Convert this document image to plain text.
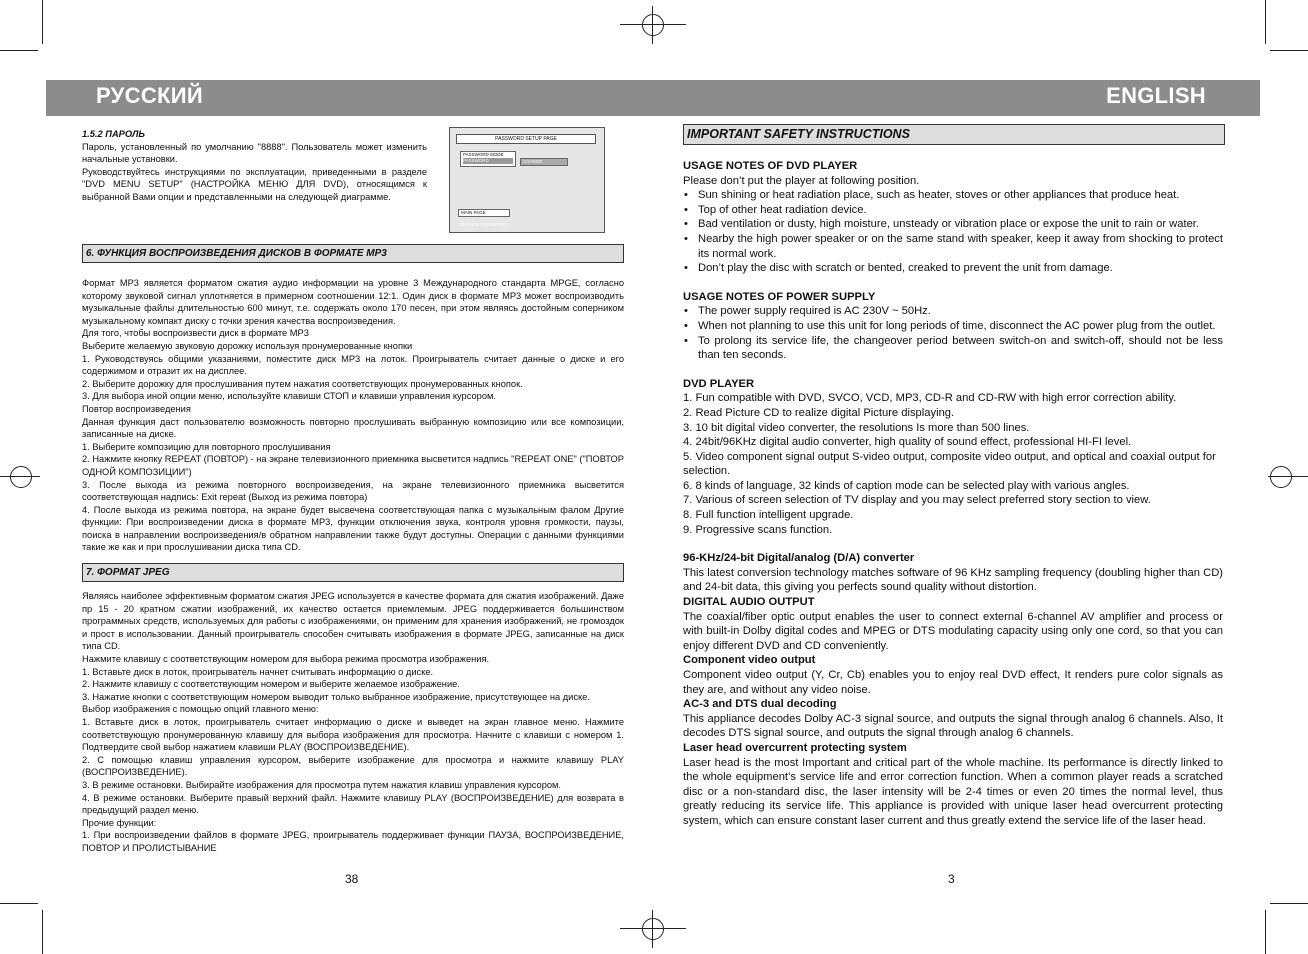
РУССКИЙ	ENGLISH

1.5.2 ПАРОЛЬ

Пароль, установленный по умолчанию "8888". Пользователь может изменить начальные установки.

Руководствуйтесь инструкциями по эксплуатации, приведенными в разделе "DVD MENU SETUP" (НАСТРОЙКА МЕНЮ ДЛЯ DVD), относящимся к выбранной Вами опции и представленными на следующей диаграмме.

PASSWORD SETUP PAGE
PASSWORD MODE
PASSWORD	CHANGE
MAIN PAGE
CHANGE PASSWORD
6. ФУНКЦИЯ ВОСПРОИЗВЕДЕНИЯ ДИСКОВ В ФОРМАТЕ MP3

Формат MP3 является форматом сжатия аудио информации на уровне 3 Международного стандарта MPGE, согласно которому звуковой сигнал уплотняется в примерном соотношении 12:1. Один диск в формате MP3 может воспроизводить музыкальные файлы длительностью 600 минут, т.е. содержать около 170 песен, при этом являясь достойным соперником музыкальному компакт диску с точки зрения качества воспроизведения.

Для того, чтобы воспроизвести диск в формате MP3

Выберите желаемую звуковую дорожку используя пронумерованные кнопки

1. Руководствуясь общими указаниями, поместите диск MP3 на лоток. Проигрыватель считает данные о диске и его содержимом и отразит их на дисплее.

2. Выберите дорожку для прослушивания путем нажатия соответствующих пронумерованных кнопок.

3. Для выбора иной опции меню, используйте клавиши СТОП и клавиши управления курсором.

Повтор воспроизведения

Данная функция даст пользователю возможность повторно прослушивать выбранную композицию или все композиции, записанные на диске.

1. Выберите композицию для повторного прослушивания

2. Нажмите кнопку REPEAT (ПОВТОР) - на экране телевизионного приемника высветится надпись "REPEAT ONE" ("ПОВТОР ОДНОЙ КОМПОЗИЦИИ")

3. После выхода из режима повторного воспроизведения, на экране телевизионного приемника высветится соответствующая надпись: Exit repeat (Выход из режима повтора)

4. После выхода из режима повтора, на экране будет высвечена соответствующая папка с музыкальным фалом Другие функции: При воспроизведении диска в формате MP3, функции отключения звука, контроля уровня громкости, паузы, поиска в направлении воспроизведения/в обратном направлении также будут доступны. Операции с данными функциями такие же как и при прослушивании диска типа CD.

7. ФОРМАТ JPEG

Являясь наиболее эффективным форматом сжатия JPEG используется в качестве формата для сжатия изображений. Даже пр 15 - 20 кратном сжатии изображений, их качество остается приемлемым. JPEG поддерживается большинством программных средств, используемых для работы с изображениями, он применим для хранения изображений, не громоздок и прост в использовании. Данный проигрыватель способен считывать изображения в формате JPEG, записанные на диск типа CD.

Нажмите клавишу с соответствующим номером для выбора режима просмотра изображения.

1. Вставьте диск в лоток, проигрыватель начнет считывать информацию о диске.

2. Нажмите клавишу с соответствующим номером и выберите желаемое изображение.

3. Нажатие кнопки с соответствующим номером выводит только выбранное изображение, присутствующее на диске.

Выбор изображения с помощью опций главного меню:

1. Вставьте диск в лоток, проигрыватель считает информацию о диске и выведет на экран главное меню. Нажмите соответствующую пронумерованную клавишу для выбора изображения для просмотра. Начните с клавиши с номером 1. Подтвердите свой выбор нажатием клавиши PLAY (ВОСПРОИЗВЕДЕНИЕ).

2. С помощью клавиш управления курсором, выберите изображение для просмотра и нажмите клавишу PLAY (ВОСПРОИЗВЕДЕНИЕ).

3. В режиме остановки. Выбирайте изображения для просмотра путем нажатия клавиш управления курсором.

4. В режиме остановки. Выберите правый верхний файл. Нажмите клавишу PLAY (ВОСПРОИЗВЕДЕНИЕ) для возврата в предыдущий раздел меню.

Прочие функции:

1. При воспроизведении файлов в формате JPEG, проигрыватель поддерживает функции ПАУЗА, ВОСПРОИЗВЕДЕНИЕ, ПОВТОР И ПРОЛИСТЫВАНИЕ

38
IMPORTANT SAFETY INSTRUCTIONS

USAGE NOTES OF DVD PLAYER

Please don’t put the player at following position.

• Sun shining or heat radiation place, such as heater, stoves or other appliances that produce heat.

• Top of other heat radiation device.

• Bad ventilation or dusty, high moisture, unsteady or vibration place or expose the unit to rain or water.

• Nearby the high power speaker or on the same stand with speaker, keep it away from shocking to protect its normal work.

• Don’t play the disc with scratch or bented, creaked to prevent the unit from damage.

USAGE NOTES OF POWER SUPPLY

• The power supply required is AC 230V ~ 50Hz.

• When not planning to use this unit for long periods of time, disconnect the AC power plug from the outlet.

• To prolong its service life, the changeover period between switch-on and switch-off, should not be less than ten seconds.

DVD PLAYER

1. Fun compatible with DVD, SVCO, VCD, MP3, CD-R and CD-RW with high error correction ability.

2. Read Picture CD to realize digital Picture displaying.

3. 10 bit digital video converter, the resolutions Is more than 500 lines.

4. 24bit/96KHz digital audio converter, high quality of sound effect, professional HI-FI level.

5. Video component signal output S-video output, composite video output, and optical and coaxial output for selection.

6. 8 kinds of language, 32 kinds of caption mode can be selected play with various angles.

7. Various of screen selection of TV display and you may select preferred story section to view.

8. Full function intelligent upgrade.

9. Progressive scans function.

96-KHz/24-bit Digital/analog (D/A) converter

This latest conversion technology matches software of 96 KHz sampling frequency (doubling higher than CD) and 24-bit data, this giving you perfects sound quality without distortion.

DIGITAL AUDIO OUTPUT

The coaxial/fiber optic output enables the user to connect external 6-channel AV amplifier and process or with built-in Dolby digital codes and MPEG or DTS modulating capacity using only one cord, so that you can enjoy different DVD and CD conveniently.

Component video output

Component video output (Y, Cr, Cb) enables you to enjoy real DVD effect, It renders pure color signals as they are, and without any video noise.

AC-3 and DTS dual decoding

This appliance decodes Dolby AC-3 signal source, and outputs the signal through analog 6 channels. Also, It decodes DTS signal source, and outputs the signal through analog 6 channels.

Laser head overcurrent protecting system

Laser head is the most Important and critical part of the whole machine. Its performance is directly linked to the whole equipment’s service life and error correction function. When a common player reads a scratched disc or a non-standard disc, the laser intensity will be 2-4 times or even 20 times the normal level, thus greatly reducing its service life. This appliance is provided with unique laser head overcurrent protecting system, which can ensure constant laser current and thus greatly extend the service life of the laser head.

3
